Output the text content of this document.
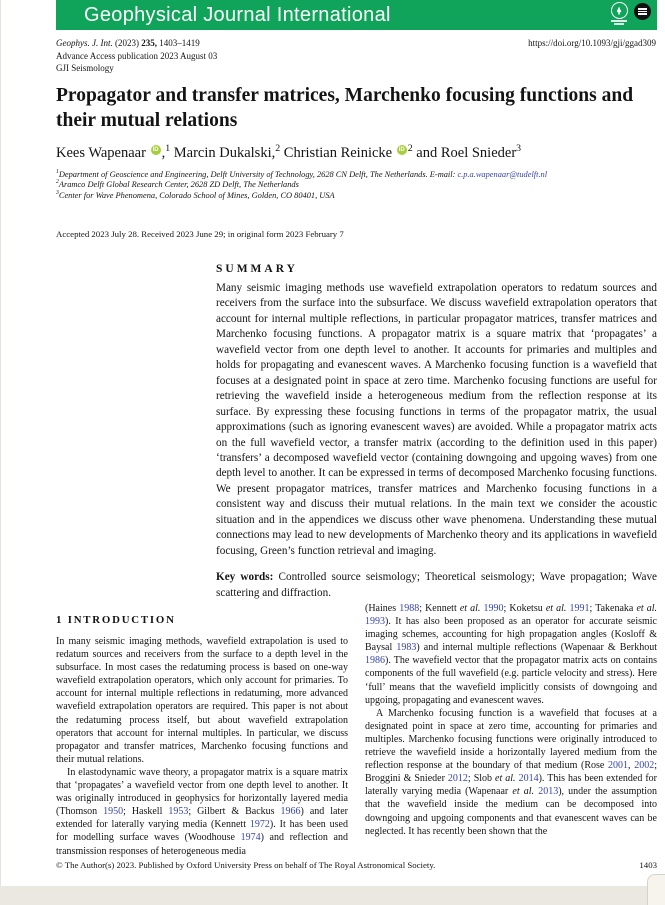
Geophysical Journal International
Geophys. J. Int. (2023) 235, 1403–1419	https://doi.org/10.1093/gji/ggad309
Advance Access publication 2023 August 03
GJI Seismology
Propagator and transfer matrices, Marchenko focusing functions and their mutual relations
Kees Wapenaar iD ,$^1$ Marcin Dukalski,$^2$ Christian Reinicke iD $^2$ and Roel Snieder$^3$
$^1$Department of Geoscience and Engineering, Delft University of Technology, 2628 CN Delft, The Netherlands. E-mail: c.p.a.wapenaar@tudelft.nl
$^2$Aramco Delft Global Research Center, 2628 ZD Delft, The Netherlands
$^3$Center for Wave Phenomena, Colorado School of Mines, Golden, CO 80401, USA
Accepted 2023 July 28. Received 2023 June 29; in original form 2023 February 7
SUMMARY

Many seismic imaging methods use wavefield extrapolation operators to redatum sources and receivers from the surface into the subsurface. We discuss wavefield extrapolation operators that account for internal multiple reflections, in particular propagator matrices, transfer matrices and Marchenko focusing functions. A propagator matrix is a square matrix that ‘propagates’ a wavefield vector from one depth level to another. It accounts for primaries and multiples and holds for propagating and evanescent waves. A Marchenko focusing function is a wavefield that focuses at a designated point in space at zero time. Marchenko focusing functions are useful for retrieving the wavefield inside a heterogeneous medium from the reflection response at its surface. By expressing these focusing functions in terms of the propagator matrix, the usual approximations (such as ignoring evanescent waves) are avoided. While a propagator matrix acts on the full wavefield vector, a transfer matrix (according to the definition used in this paper) ‘transfers’ a decomposed wavefield vector (containing downgoing and upgoing waves) from one depth level to another. It can be expressed in terms of decomposed Marchenko focusing functions. We present propagator matrices, transfer matrices and Marchenko focusing functions in a consistent way and discuss their mutual relations. In the main text we consider the acoustic situation and in the appendices we discuss other wave phenomena. Understanding these mutual connections may lead to new developments of Marchenko theory and its applications in wavefield focusing, Green’s function retrieval and imaging.

Key words: Controlled source seismology; Theoretical seismology; Wave propagation; Wave scattering and diffraction.

1 INTRODUCTION

In many seismic imaging methods, wavefield extrapolation is used to redatum sources and receivers from the surface to a depth level in the subsurface. In most cases the redatuming process is based on one-way wavefield extrapolation operators, which only account for primaries. To account for internal multiple reflections in redatuming, more advanced wavefield extrapolation operators are required. This paper is not about the redatuming process itself, but about wavefield extrapolation operators that account for internal multiples. In particular, we discuss propagator and transfer matrices, Marchenko focusing functions and their mutual relations.

In elastodynamic wave theory, a propagator matrix is a square matrix that ‘propagates’ a wavefield vector from one depth level to another. It was originally introduced in geophysics for horizontally layered media (Thomson 1950; Haskell 1953; Gilbert & Backus 1966) and later extended for laterally varying media (Kennett 1972). It has been used for modelling surface waves (Woodhouse 1974) and reflection and transmission responses of heterogeneous media

(Haines 1988; Kennett et al. 1990; Koketsu et al. 1991; Takenaka et al. 1993). It has also been proposed as an operator for accurate seismic imaging schemes, accounting for high propagation angles (Kosloff & Baysal 1983) and internal multiple reflections (Wapenaar & Berkhout 1986). The wavefield vector that the propagator matrix acts on contains components of the full wavefield (e.g. particle velocity and stress). Here ‘full’ means that the wavefield implicitly consists of downgoing and upgoing, propagating and evanescent waves.

A Marchenko focusing function is a wavefield that focuses at a designated point in space at zero time, accounting for primaries and multiples. Marchenko focusing functions were originally introduced to retrieve the wavefield inside a horizontally layered medium from the reflection response at the boundary of that medium (Rose 2001, 2002; Broggini & Snieder 2012; Slob et al. 2014). This has been extended for laterally varying media (Wapenaar et al. 2013), under the assumption that the wavefield inside the medium can be decomposed into downgoing and upgoing components and that evanescent waves can be neglected. It has recently been shown that the

© The Author(s) 2023. Published by Oxford University Press on behalf of The Royal Astronomical Society.	1403
